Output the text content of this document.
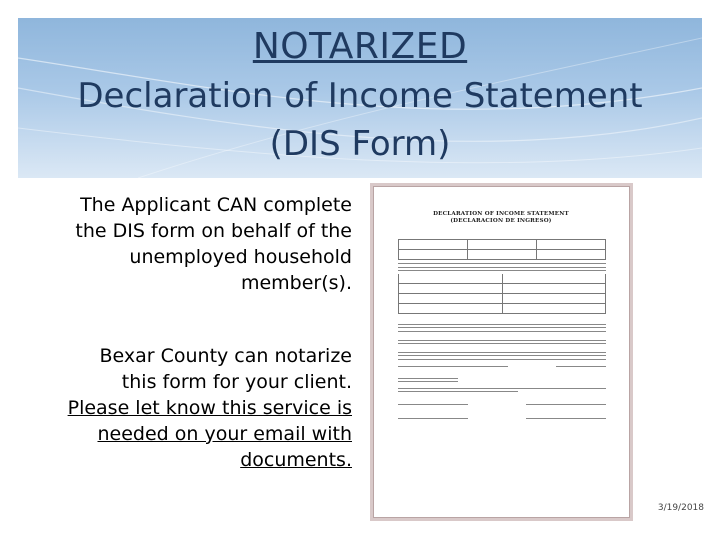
NOTARIZED
Declaration of Income Statement
(DIS Form)
The Applicant CAN complete
the DIS form on behalf of the
unemployed household
member(s).
Bexar County can notarize
this form for your client.
Please let know this service is
needed on your email with
documents.
DECLARATION OF INCOME STATEMENT
(DECLARACION DE INGRESO)
3/19/2018
